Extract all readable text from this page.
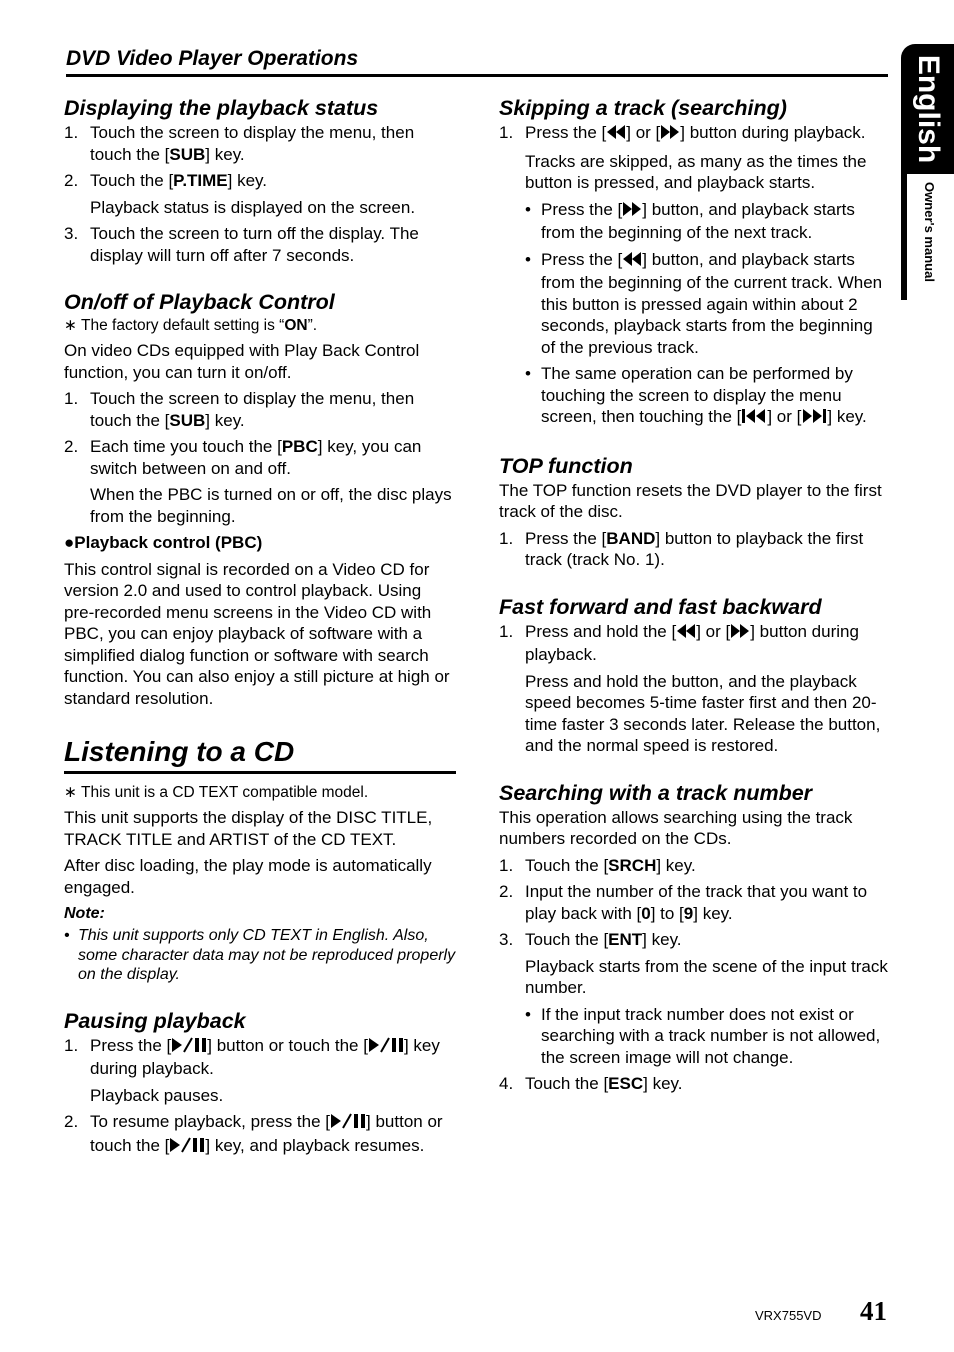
DVD Video Player Operations	English
Owner's manual
Displaying the playback status
1. Touch the screen to display the menu, then touch the [SUB] key.
2. Touch the [P.TIME] key.
Playback status is displayed on the screen.
3. Touch the screen to turn off the display. The display will turn off after 7 seconds.
On/off of Playback Control

∗ The factory default setting is “ON”.

On video CDs equipped with Play Back Control function, you can turn it on/off.

1. Touch the screen to display the menu, then touch the [SUB] key.
2. Each time you touch the [PBC] key, you can switch between on and off.
When the PBC is turned on or off, the disc plays from the beginning.
●Playback control (PBC)

This control signal is recorded on a Video CD for version 2.0 and used to control playback. Using pre-recorded menu screens in the Video CD with PBC, you can enjoy playback of software with a simplified dialog function or software with search function. You can also enjoy a still picture at high or standard resolution.

Listening to a CD

∗ This unit is a CD TEXT compatible model.

This unit supports the display of the DISC TITLE, TRACK TITLE and ARTIST of the CD TEXT.

After disc loading, the play mode is automatically engaged.

Note:
• This unit supports only CD TEXT in English. Also, some character data may not be reproduced properly on the display.
Pausing playback
1. Press the [ ] button or touch the [ ] key during playback.
Playback pauses.
2. To resume playback, press the [ ] button or touch the [ ] key, and playback resumes.
Skipping a track (searching)
1. Press the [ ] or [ ] button during playback.
Tracks are skipped, as many as the times the button is pressed, and playback starts.
• Press the [ ] button, and playback starts from the beginning of the next track.
• Press the [ ] button, and playback starts from the beginning of the current track. When this button is pressed again within about 2 seconds, playback starts from the beginning of the previous track.
• The same operation can be performed by touching the screen to display the menu screen, then touching the [ ] or [ ] key.
TOP function

The TOP function resets the DVD player to the first track of the disc.

1. Press the [BAND] button to playback the first track (track No. 1).
Fast forward and fast backward
1. Press and hold the [ ] or [ ] button during playback.
Press and hold the button, and the playback speed becomes 5-time faster first and then 20-time faster 3 seconds later. Release the button, and the normal speed is restored.
Searching with a track number

This operation allows searching using the track numbers recorded on the CDs.

1. Touch the [SRCH] key.
2. Input the number of the track that you want to play back with [0] to [9] key.
3. Touch the [ENT] key.
Playback starts from the scene of the input track number.
• If the input track number does not exist or searching with a track number is not allowed, the screen image will not change.
4. Touch the [ESC] key.
VRX755VD 41
